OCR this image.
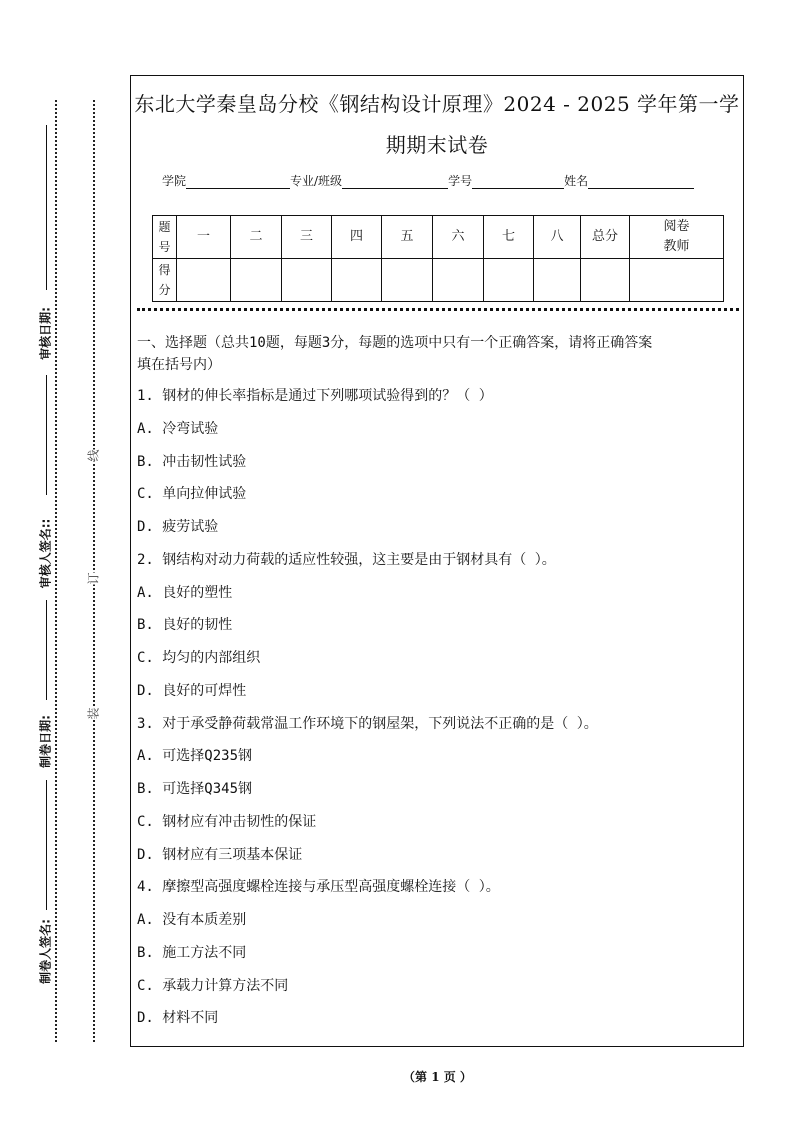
审核日期:
审核人签名::
制卷日期:
制卷人签名:
线
订
装
东北大学秦皇岛分校《钢结构设计原理》2024 - 2025 学年第一学
期期末试卷
学院	专业/班级	学号	姓名
题号	一	二	三	四	五	六	七	八	总分	阅卷教师
得分										
一、选择题（总共10题，每题3分，每题的选项中只有一个正确答案，请将正确答案
填在括号内）
1. 钢材的伸长率指标是通过下列哪项试验得到的？（ ）
A. 冷弯试验
B. 冲击韧性试验
C. 单向拉伸试验
D. 疲劳试验
2. 钢结构对动力荷载的适应性较强，这主要是由于钢材具有（ ）。
A. 良好的塑性
B. 良好的韧性
C. 均匀的内部组织
D. 良好的可焊性
3. 对于承受静荷载常温工作环境下的钢屋架，下列说法不正确的是（ ）。
A. 可选择Q235钢
B. 可选择Q345钢
C. 钢材应有冲击韧性的保证
D. 钢材应有三项基本保证
4. 摩擦型高强度螺栓连接与承压型高强度螺栓连接（ ）。
A. 没有本质差别
B. 施工方法不同
C. 承载力计算方法不同
D. 材料不同
（第 1 页 ）
